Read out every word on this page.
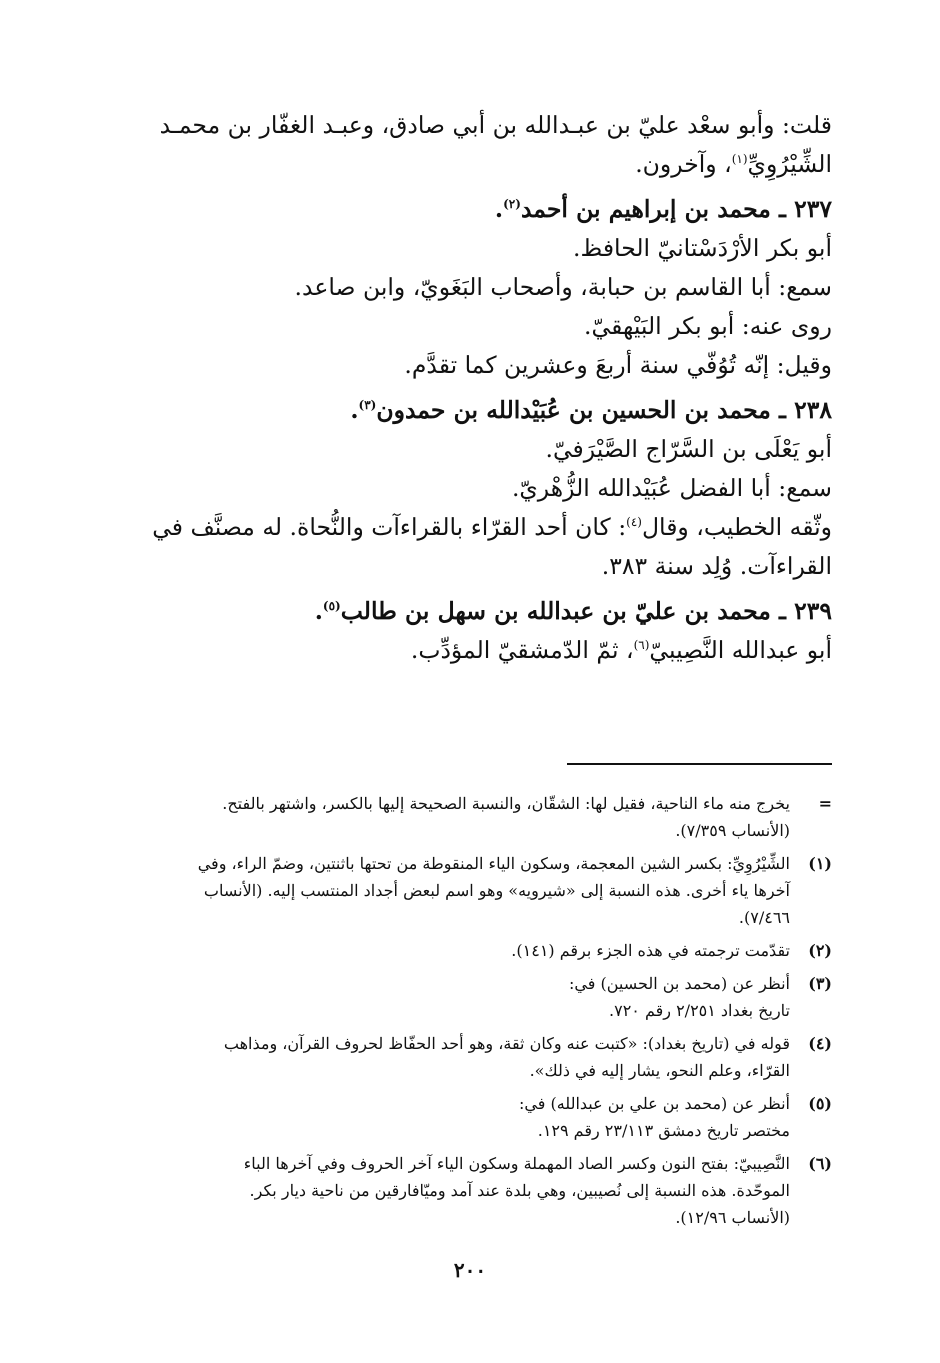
قلت: وأبو سعْد عليّ بن عبـدالله بن أبي صادق، وعبـد الغفّار بن محمـد

الشِّيْرُوِيِّ$^{(١)}$، وآخرون.

٢٣٧ ـ محمد بن إبراهيم بن أحمد$^{(٢)}$.

أبو بكر الأرْدَسْتانيّ الحافظ.

سمع: أبا القاسم بن حبابة، وأصحاب البَغَويّ، وابن صاعد.

روى عنه: أبو بكر البَيْهقيّ.

وقيل: إنّه تُوُفّي سنة أربعَ وعشرين كما تقدَّم.

٢٣٨ ـ محمد بن الحسين بن عُبَيْدالله بن حمدون$^{(٣)}$.

أبو يَعْلَى بن السَّرّاج الصَّيْرَفيّ.

سمع: أبا الفضل عُبَيْدالله الزُّهْريّ.

وثّقه الخطيب، وقال$^{(٤)}$: كان أحد القرّاء بالقراءآت والنُّحاة. له مصنَّف في

القراءآت. وُلِد سنة ٣٨٣.

٢٣٩ ـ محمد بن عليّ بن عبدالله بن سهل بن طالب$^{(٥)}$.

أبو عبدالله النَّصِيبيّ$^{(٦)}$، ثمّ الدّمشقيّ المؤدِّب.

=
يخرج منه ماء الناحية، فقيل لها: الشقّان، والنسبة الصحيحة إليها بالكسر، واشتهر بالفتح.
(الأنساب ٧/٣٥٩).
(١)
الشِّيْرُوِيِّ: بكسر الشين المعجمة، وسكون الياء المنقوطة من تحتها باثنتين، وضمّ الراء، وفي
آخرها ياء أخرى. هذه النسبة إلى «شيرويه» وهو اسم لبعض أجداد المنتسب إليه. (الأنساب
٧/٤٦٦).
(٢)
تقدّمت ترجمته في هذه الجزء برقم (١٤١).
(٣)
أنظر عن (محمد بن الحسين) في:
تاريخ بغداد ٢/٢٥١ رقم ٧٢٠.
(٤)
قوله في (تاريخ بغداد): «كتبت عنه وكان ثقة، وهو أحد الحفّاظ لحروف القرآن، ومذاهب
القرّاء، وعلم النحو، يشار إليه في ذلك».
(٥)
أنظر عن (محمد بن علي بن عبدالله) في:
مختصر تاريخ دمشق ٢٣/١١٣ رقم ١٢٩.
(٦)
النَّصِيبيّ: بفتح النون وكسر الصاد المهملة وسكون الياء آخر الحروف وفي آخرها الباء
الموحّدة. هذه النسبة إلى نُصيبين، وهي بلدة عند آمد وميّافارقين من ناحية ديار بكر.
(الأنساب ١٢/٩٦).
٢٠٠
